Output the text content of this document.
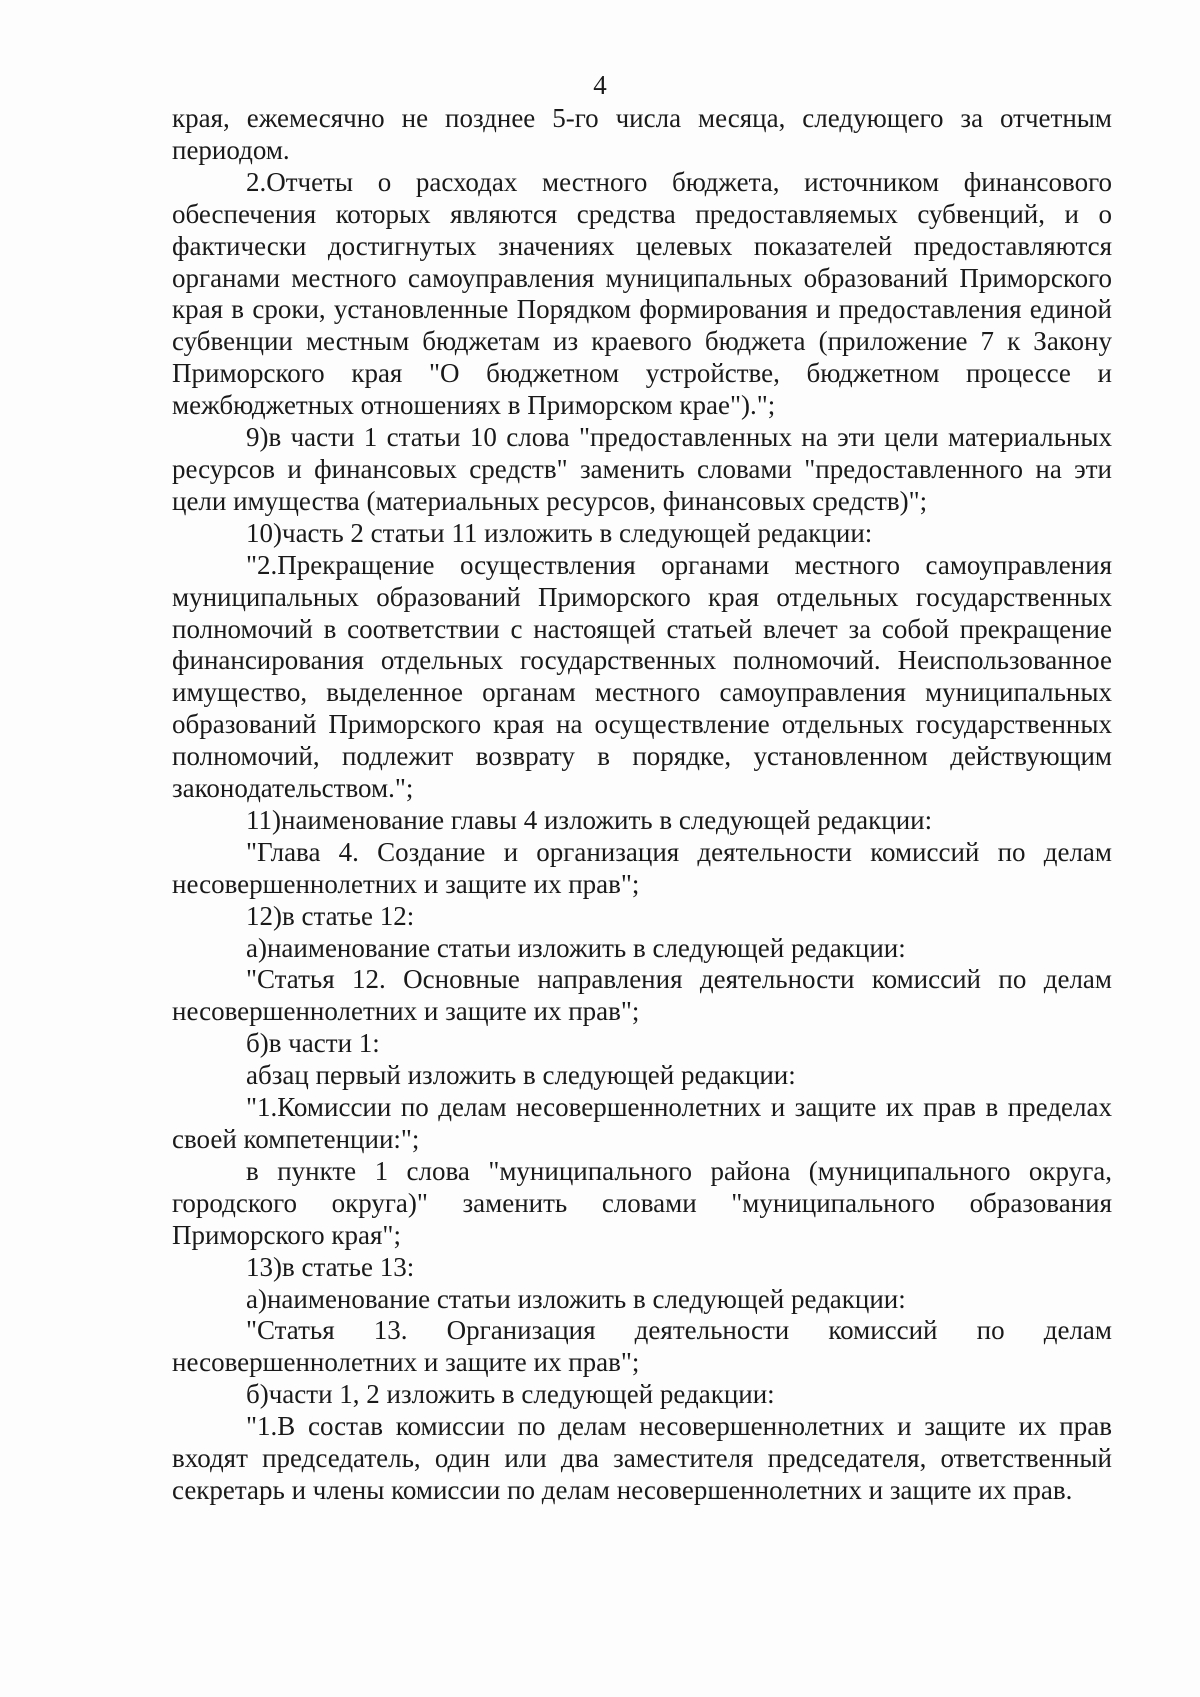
4

края, ежемесячно не позднее 5-го числа месяца, следующего за отчетным периодом.

2.Отчеты о расходах местного бюджета, источником финансового обеспечения которых являются средства предоставляемых субвенций, и о фактически достигнутых значениях целевых показателей предоставляются органами местного самоуправления муниципальных образований Приморского края в сроки, установленные Порядком формирования и предоставления единой субвенции местным бюджетам из краевого бюджета (приложение 7 к Закону Приморского края "О бюджетном устройстве, бюджетном процессе и межбюджетных отношениях в Приморском крае").";

9)в части 1 статьи 10 слова "предоставленных на эти цели материальных ресурсов и финансовых средств" заменить словами "предоставленного на эти цели имущества (материальных ресурсов, финансовых средств)";

10)часть 2 статьи 11 изложить в следующей редакции:

"2.Прекращение осуществления органами местного самоуправления муниципальных образований Приморского края отдельных государственных полномочий в соответствии с настоящей статьей влечет за собой прекращение финансирования отдельных государственных полномочий. Неиспользованное имущество, выделенное органам местного самоуправления муниципальных образований Приморского края на осуществление отдельных государственных полномочий, подлежит возврату в порядке, установленном действующим законодательством.";

11)наименование главы 4 изложить в следующей редакции:

"Глава 4. Создание и организация деятельности комиссий по делам несовершеннолетних и защите их прав";

12)в статье 12:

а)наименование статьи изложить в следующей редакции:

"Статья 12. Основные направления деятельности комиссий по делам несовершеннолетних и защите их прав";

б)в части 1:

абзац первый изложить в следующей редакции:

"1.Комиссии по делам несовершеннолетних и защите их прав в пределах своей компетенции:";

в пункте 1 слова "муниципального района (муниципального округа, городского округа)" заменить словами "муниципального образования Приморского края";

13)в статье 13:

а)наименование статьи изложить в следующей редакции:

"Статья 13. Организация деятельности комиссий по делам несовершеннолетних и защите их прав";

б)части 1, 2 изложить в следующей редакции:

"1.В состав комиссии по делам несовершеннолетних и защите их прав входят председатель, один или два заместителя председателя, ответственный секретарь и члены комиссии по делам несовершеннолетних и защите их прав.
